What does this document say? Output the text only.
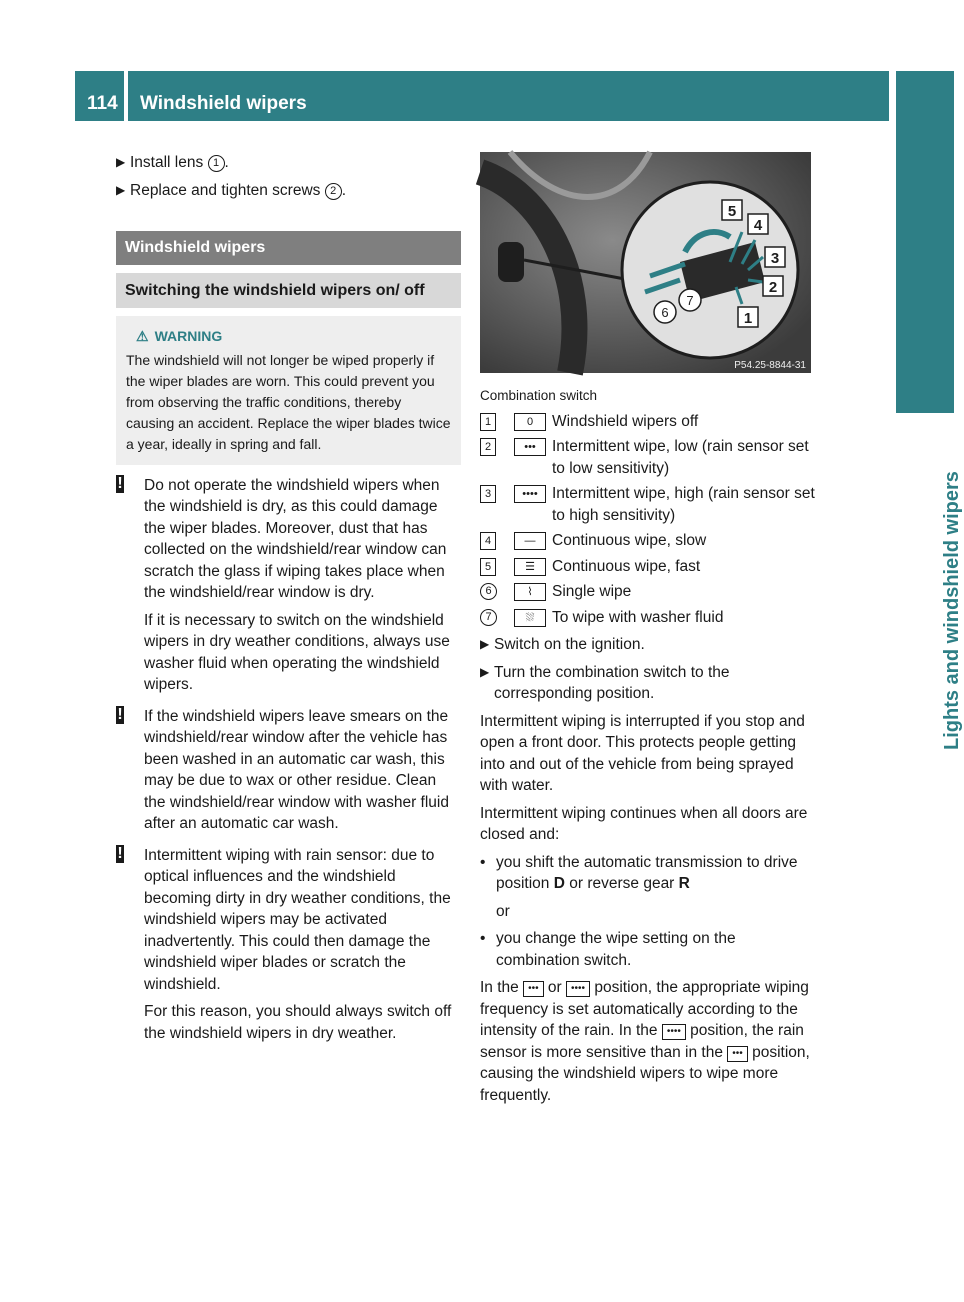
114 Windshield wipers
Lights and windshield wipers
▶ Install lens 1 .
▶ Replace and tighten screws 2 .
Windshield wipers
Switching the windshield wipers on/ off
⚠ WARNING
The windshield will not longer be wiped properly if the wiper blades are worn. This could prevent you from observing the traffic conditions, thereby causing an accident. Replace the wiper blades twice a year, ideally in spring and fall.
! Do not operate the windshield wipers when the windshield is dry, as this could damage the wiper blades. Moreover, dust that has collected on the windshield/rear window can scratch the glass if wiping takes place when the windshield/rear window is dry.

If it is necessary to switch on the windshield wipers in dry weather conditions, always use washer fluid when operating the windshield wipers.

! If the windshield wipers leave smears on the windshield/rear window after the vehicle has been washed in an automatic car wash, this may be due to wax or other residue. Clean the windshield/rear window with washer fluid after an automatic car wash.

! Intermittent wiping with rain sensor: due to optical influences and the windshield becoming dirty in dry weather conditions, the windshield wipers may be activated inadvertently. This could then damage the windshield wiper blades or scratch the windshield.

For this reason, you should always switch off the windshield wipers in dry weather.

5
4
3
2
1
6
7
P54.25-8844-31
Combination switch
1	0	Windshield wipers off
2	•••	Intermittent wipe, low (rain sensor set to low sensitivity)
3	•••• Intermittent wipe, high (rain sensor set to high sensitivity)
4	—	Continuous wipe, slow
5	☰	Continuous wipe, fast
6	⌇	Single wipe
7	⛆	To wipe with washer fluid
▶ Switch on the ignition.
▶ Turn the combination switch to the corresponding position.
Intermittent wiping is interrupted if you stop and open a front door. This protects people getting into and out of the vehicle from being sprayed with water.
Intermittent wiping continues when all doors are closed and:
• you shift the automatic transmission to drive position D or reverse gear R
or
• you change the wipe setting on the combination switch.
In the ••• or •••• position, the appropriate wiping frequency is set automatically according to the intensity of the rain. In the •••• position, the rain sensor is more sensitive than in the ••• position, causing the windshield wipers to wipe more frequently.
